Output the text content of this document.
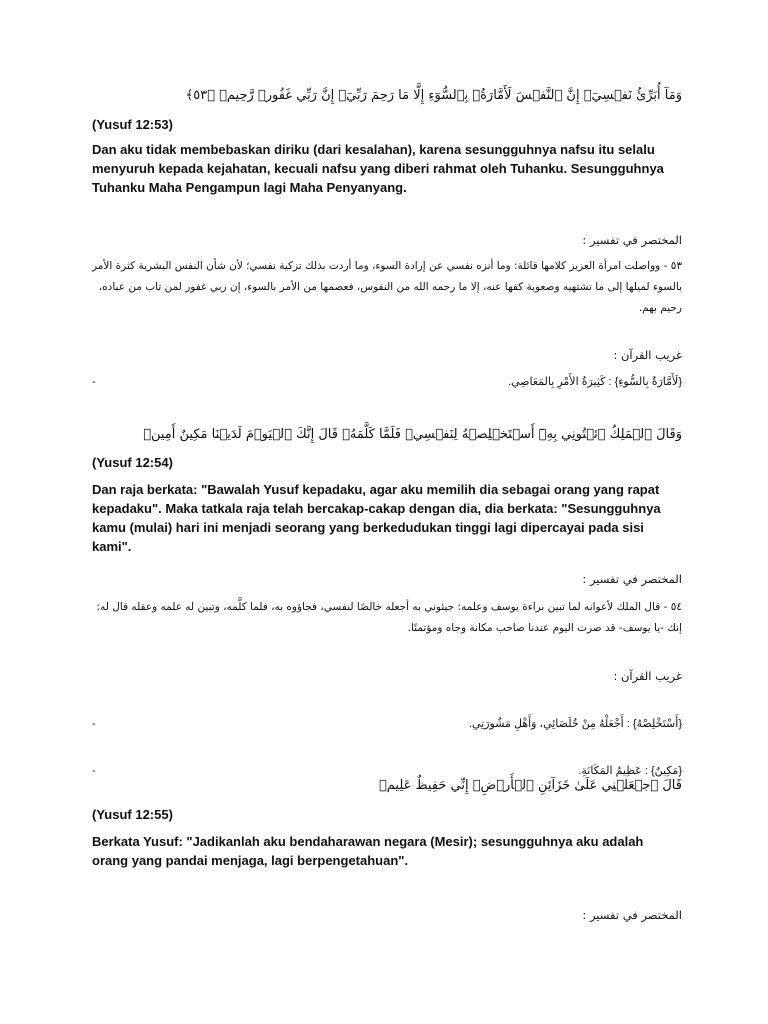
وَمَآ أُبَرِّئُ نَفۡسِيٓۚ إِنَّ ٱلنَّفۡسَ لَأَمَّارَةُۢ بِٱلسُّوٓءِ إِلَّا مَا رَحِمَ رَبِّيٓۚ إِنَّ رَبِّي غَفُورٞ رَّحِيمٞ ﴿٥٣﴾
(Yusuf 12:53)
Dan aku tidak membebaskan diriku (dari kesalahan), karena sesungguhnya nafsu itu selalu menyuruh kepada kejahatan, kecuali nafsu yang diberi rahmat oleh Tuhanku. Sesungguhnya Tuhanku Maha Pengampun lagi Maha Penyanyang.
المختصر في تفسير :
٥٣ - وواصلت امرأة العزيز كلامها قائلة: وما أنزه نفسي عن إرادة السوء، وما أردت بذلك تزكية نفسي؛ لأن شأن النفس البشرية كثرة الأمر بالسوء لميلها إلى ما تشتهيه وصعوبة كفها عنه، إلا ما رحمه الله من النفوس، فعصمها من الأمر بالسوء، إن ربي غفور لمن تاب من عباده، رحيم بهم.
غريب القرآن :
-	{لَأَمَّارَةٌ بِالسُّوءِ} : كَثِيرَةُ الأَمْرِ بِالمَعَاصِي.
وَقَالَ ٱلۡمَلِكُ ٱئۡتُونِي بِهِۦٓ أَسۡتَخۡلِصۡهُ لِنَفۡسِيۖ فَلَمَّا كَلَّمَهُۥ قَالَ إِنَّكَ ٱلۡيَوۡمَ لَدَيۡنَا مَكِينٌ أَمِينٞ
(Yusuf 12:54)
Dan raja berkata: "Bawalah Yusuf kepadaku, agar aku memilih dia sebagai orang yang rapat kepadaku". Maka tatkala raja telah bercakap-cakap dengan dia, dia berkata: "Sesungguhnya kamu (mulai) hari ini menjadi seorang yang berkedudukan tinggi lagi dipercayai pada sisi kami".
المختصر في تفسير :
٥٤ - قال الملك لأعوانه لما تبين براءة يوسف وعلمه: جيئوني به أجعله خالصًا لنفسي، فجاؤوه به، فلما كلَّمه، وتبين له علمه وعقله قال له: إنك -يا يوسف- قد صرت اليوم عندنا صاحب مكانة وجاه ومؤتمنًا.
غريب القرآن :
-	{أَسْتَخْلِصْهُ} : أَجْعَلْهُ مِنْ خُلَصَائِي، وَأَهْلِ مَشُورَتِي.
-	{مَكِينٌ} : عَظِيمُ المَكَانَةِ.
قَالَ ٱجۡعَلۡنِي عَلَىٰ خَزَآئِنِ ٱلۡأَرۡضِۖ إِنِّي حَفِيظٌ عَلِيمٞ
(Yusuf 12:55)
Berkata Yusuf: "Jadikanlah aku bendaharawan negara (Mesir); sesungguhnya aku adalah orang yang pandai menjaga, lagi berpengetahuan".
المختصر في تفسير :
